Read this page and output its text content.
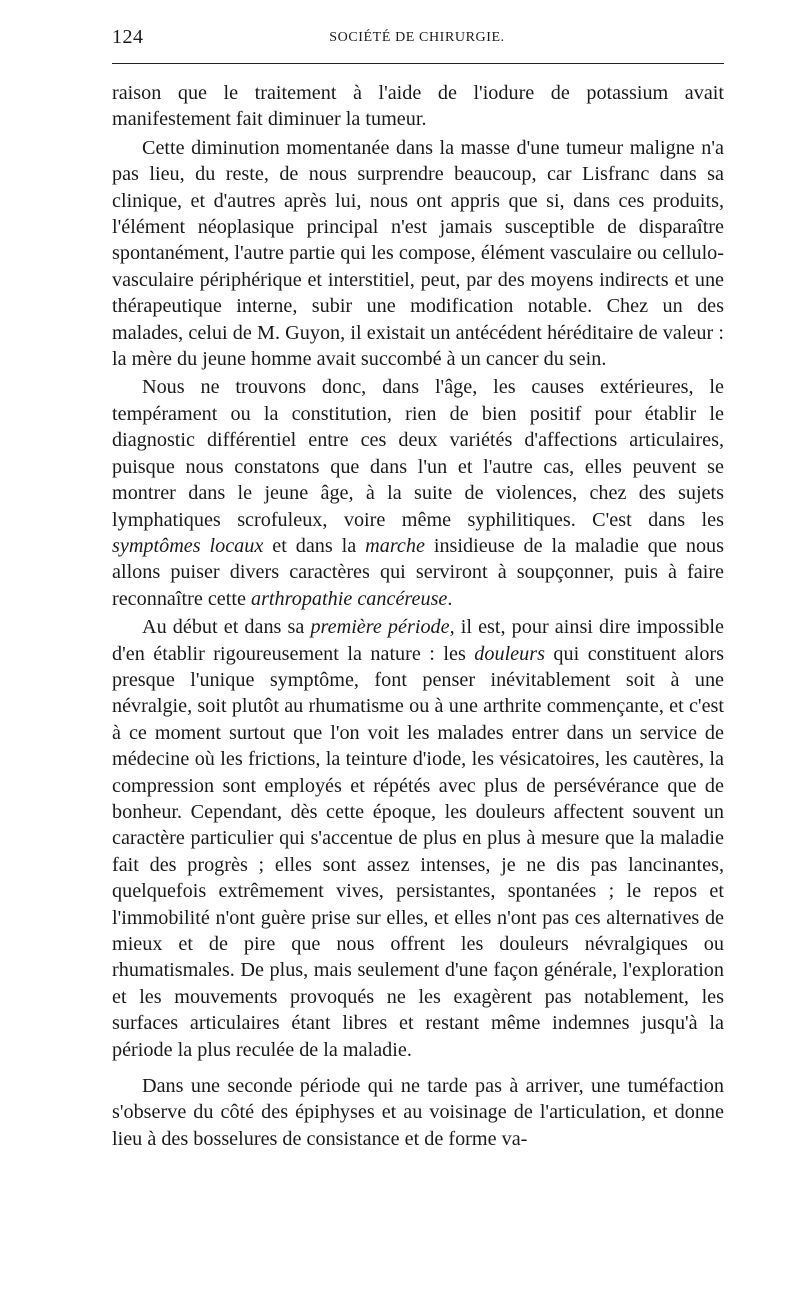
124	SOCIÉTÉ DE CHIRURGIE.

raison que le traitement à l'aide de l'iodure de potassium avait manifestement fait diminuer la tumeur.

Cette diminution momentanée dans la masse d'une tumeur maligne n'a pas lieu, du reste, de nous surprendre beaucoup, car Lisfranc dans sa clinique, et d'autres après lui, nous ont appris que si, dans ces produits, l'élément néoplasique principal n'est jamais susceptible de disparaître spontanément, l'autre partie qui les compose, élément vasculaire ou cellulo-vasculaire périphérique et interstitiel, peut, par des moyens indirects et une thérapeutique interne, subir une modification notable. Chez un des malades, celui de M. Guyon, il existait un antécédent héréditaire de valeur : la mère du jeune homme avait succombé à un cancer du sein.

Nous ne trouvons donc, dans l'âge, les causes extérieures, le tempérament ou la constitution, rien de bien positif pour établir le diagnostic différentiel entre ces deux variétés d'affections articulaires, puisque nous constatons que dans l'un et l'autre cas, elles peuvent se montrer dans le jeune âge, à la suite de violences, chez des sujets lymphatiques scrofuleux, voire même syphilitiques. C'est dans les symptômes locaux et dans la marche insidieuse de la maladie que nous allons puiser divers caractères qui serviront à soupçonner, puis à faire reconnaître cette arthropathie cancéreuse.

Au début et dans sa première période, il est, pour ainsi dire impossible d'en établir rigoureusement la nature : les douleurs qui constituent alors presque l'unique symptôme, font penser inévitablement soit à une névralgie, soit plutôt au rhumatisme ou à une arthrite commençante, et c'est à ce moment surtout que l'on voit les malades entrer dans un service de médecine où les frictions, la teinture d'iode, les vésicatoires, les cautères, la compression sont employés et répétés avec plus de persévérance que de bonheur. Cependant, dès cette époque, les douleurs affectent souvent un caractère particulier qui s'accentue de plus en plus à mesure que la maladie fait des progrès ; elles sont assez intenses, je ne dis pas lancinantes, quelquefois extrêmement vives, persistantes, spontanées ; le repos et l'immobilité n'ont guère prise sur elles, et elles n'ont pas ces alternatives de mieux et de pire que nous offrent les douleurs névralgiques ou rhumatismales. De plus, mais seulement d'une façon générale, l'exploration et les mouvements provoqués ne les exagèrent pas notablement, les surfaces articulaires étant libres et restant même indemnes jusqu'à la période la plus reculée de la maladie.

Dans une seconde période qui ne tarde pas à arriver, une tuméfaction s'observe du côté des épiphyses et au voisinage de l'articulation, et donne lieu à des bosselures de consistance et de forme va-
